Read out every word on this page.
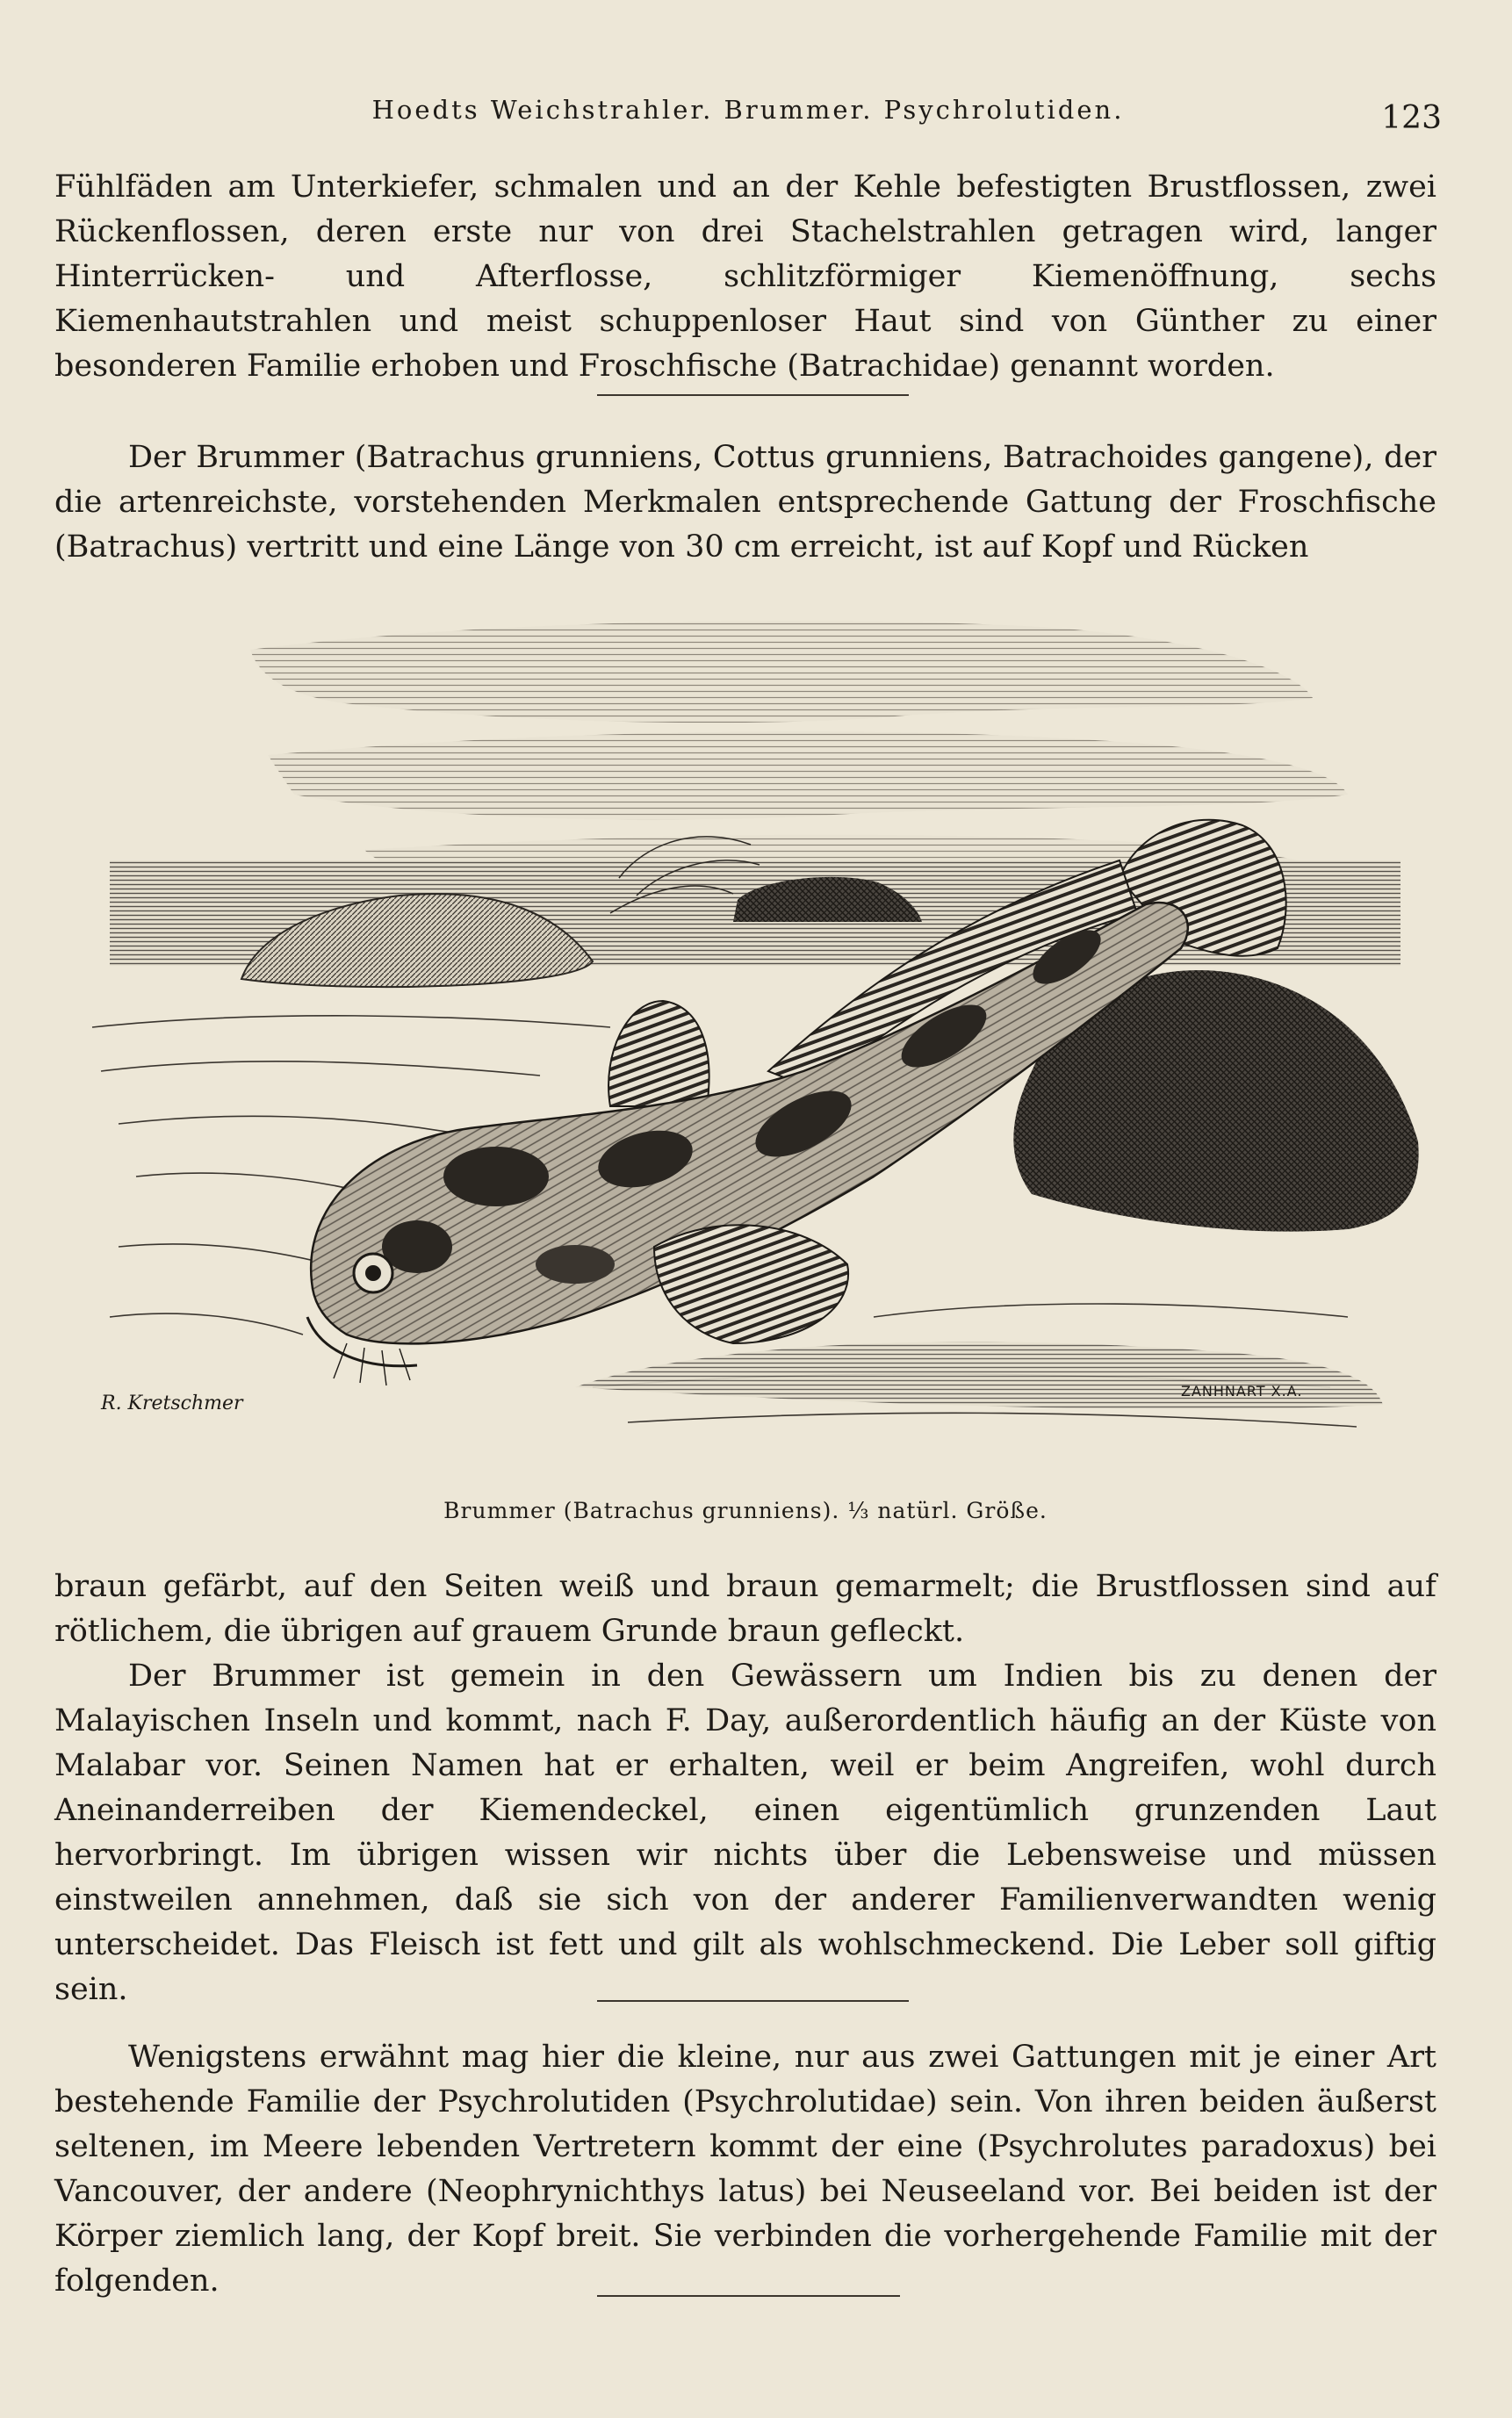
Hoedts Weichstrahler. Brummer. Psychrolutiden.	123

Fühlfäden am Unterkiefer, schmalen und an der Kehle befestigten Brustflossen, zwei Rückenflossen, deren erste nur von drei Stachelstrahlen getragen wird, langer Hinterrücken- und Afterflosse, schlitzförmiger Kiemenöffnung, sechs Kiemenhautstrahlen und meist schuppenloser Haut sind von Günther zu einer besonderen Familie erhoben und Froschfische (Batrachidae) genannt worden.

Der Brummer (Batrachus grunniens, Cottus grunniens, Batrachoides gangene), der die artenreichste, vorstehenden Merkmalen entsprechende Gattung der Froschfische (Batrachus) vertritt und eine Länge von 30 cm erreicht, ist auf Kopf und Rücken

R. Kretschmer
ZANHNART X.A.
Brummer (Batrachus grunniens). ⅓ natürl. Größe.

braun gefärbt, auf den Seiten weiß und braun gemarmelt; die Brustflossen sind auf rötlichem, die übrigen auf grauem Grunde braun gefleckt.

Der Brummer ist gemein in den Gewässern um Indien bis zu denen der Malayischen Inseln und kommt, nach F. Day, außerordentlich häufig an der Küste von Malabar vor. Seinen Namen hat er erhalten, weil er beim Angreifen, wohl durch Aneinanderreiben der Kiemendeckel, einen eigentümlich grunzenden Laut hervorbringt. Im übrigen wissen wir nichts über die Lebensweise und müssen einstweilen annehmen, daß sie sich von der anderer Familienverwandten wenig unterscheidet. Das Fleisch ist fett und gilt als wohlschmeckend. Die Leber soll giftig sein.

Wenigstens erwähnt mag hier die kleine, nur aus zwei Gattungen mit je einer Art bestehende Familie der Psychrolutiden (Psychrolutidae) sein. Von ihren beiden äußerst seltenen, im Meere lebenden Vertretern kommt der eine (Psychrolutes paradoxus) bei Vancouver, der andere (Neophrynichthys latus) bei Neuseeland vor. Bei beiden ist der Körper ziemlich lang, der Kopf breit. Sie verbinden die vorhergehende Familie mit der folgenden.
